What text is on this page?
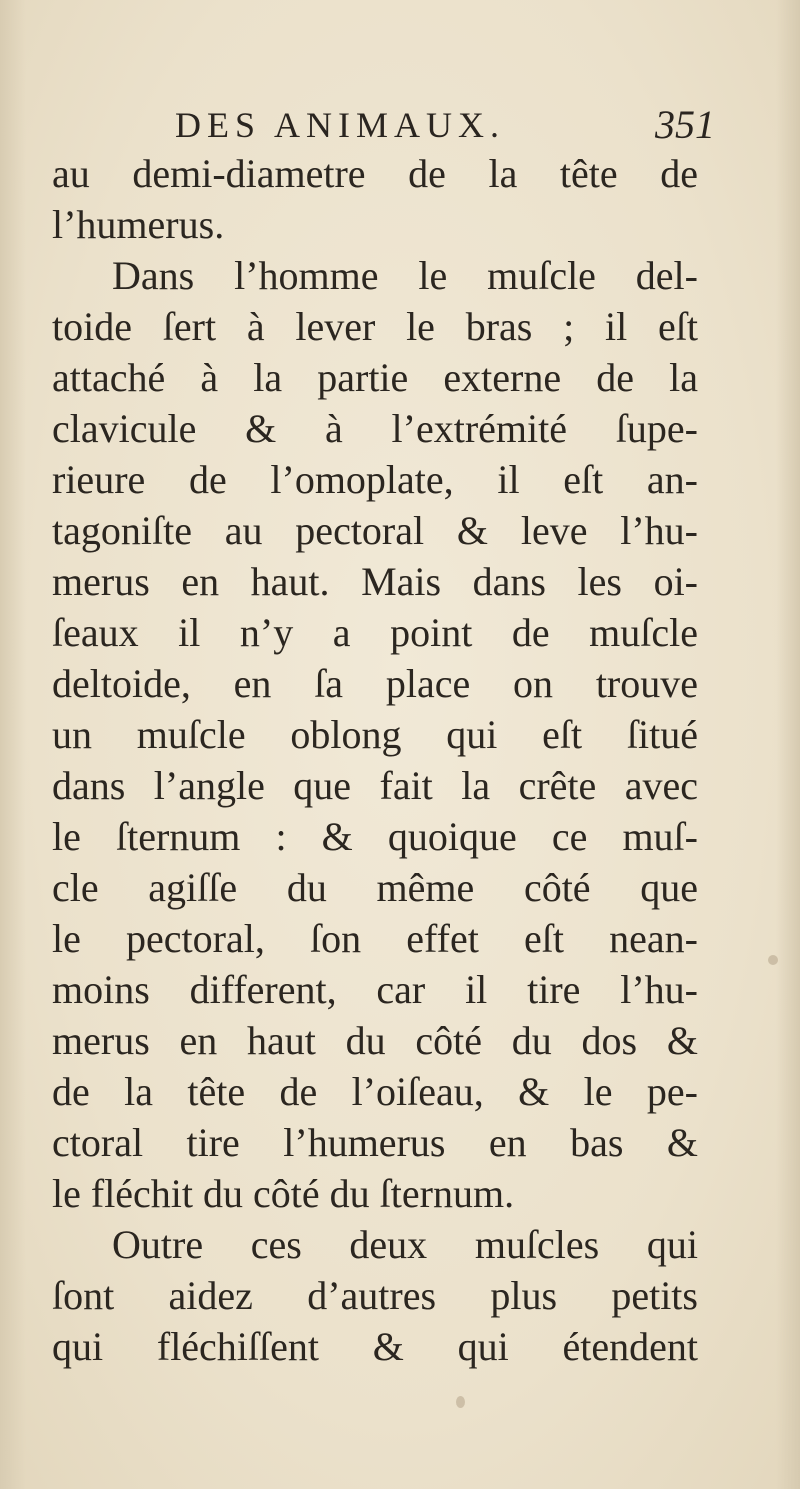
DES ANIMAUX.	351
au demi-diametre de la tête de
l’humerus.
Dans l’homme le muſcle del-
toide ſert à lever le bras ; il eſt
attaché à la partie externe de la
clavicule & à l’extrémité ſupe-
rieure de l’omoplate, il eſt an-
tagoniſte au pectoral & leve l’hu-
merus en haut. Mais dans les oi-
ſeaux il n’y a point de muſcle
deltoide, en ſa place on trouve
un muſcle oblong qui eſt ſitué
dans l’angle que fait la crête avec
le ſternum : & quoique ce muſ-
cle agiſſe du même côté que
le pectoral, ſon effet eſt nean-
moins different, car il tire l’hu-
merus en haut du côté du dos &
de la tête de l’oiſeau, & le pe-
ctoral tire l’humerus en bas &
le fléchit du côté du ſternum.
Outre ces deux muſcles qui
ſont aidez d’autres plus petits
qui fléchiſſent & qui étendent
